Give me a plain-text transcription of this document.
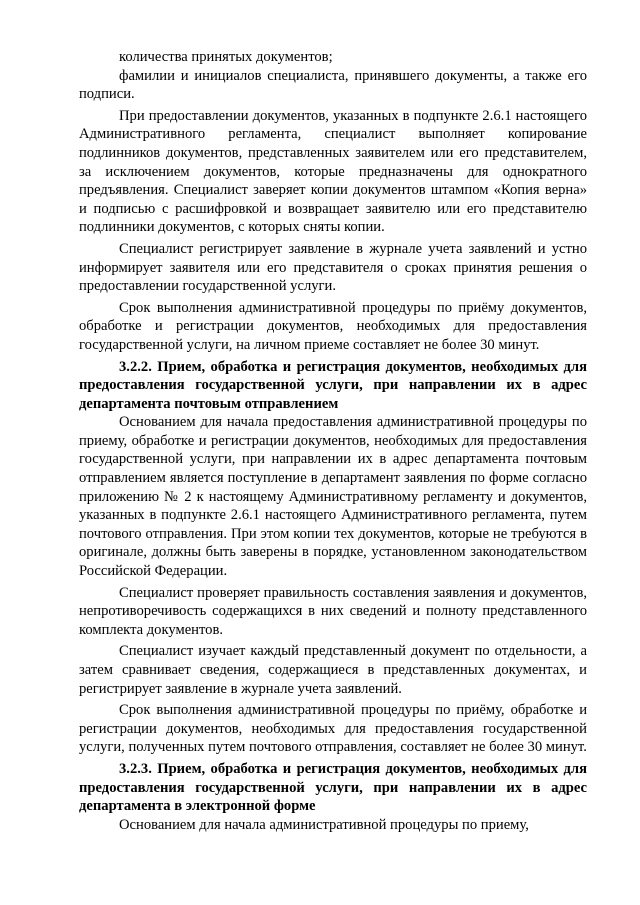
количества принятых документов;

фамилии и инициалов специалиста, принявшего документы, а также его подписи.

При предоставлении документов, указанных в подпункте 2.6.1 настоящего Административного регламента, специалист выполняет копирование подлинников документов, представленных заявителем или его представителем, за исключением документов, которые предназначены для однократного предъявления. Специалист заверяет копии документов штампом «Копия верна» и подписью с расшифровкой и возвращает заявителю или его представителю подлинники документов, с которых сняты копии.

Специалист регистрирует заявление в журнале учета заявлений и устно информирует заявителя или его представителя о сроках принятия решения о предоставлении государственной услуги.

Срок выполнения административной процедуры по приёму документов, обработке и регистрации документов, необходимых для предоставления государственной услуги, на личном приеме составляет не более 30 минут.

3.2.2. Прием, обработка и регистрация документов, необходимых для предоставления государственной услуги, при направлении их в адрес департамента почтовым отправлением

Основанием для начала предоставления административной процедуры по приему, обработке и регистрации документов, необходимых для предоставления государственной услуги, при направлении их в адрес департамента почтовым отправлением является поступление в департамент заявления по форме согласно приложению № 2 к настоящему Административному регламенту и документов, указанных в подпункте 2.6.1 настоящего Административного регламента, путем почтового отправления. При этом копии тех документов, которые не требуются в оригинале, должны быть заверены в порядке, установленном законодательством Российской Федерации.

Специалист проверяет правильность составления заявления и документов, непротиворечивость содержащихся в них сведений и полноту представленного комплекта документов.

Специалист изучает каждый представленный документ по отдельности, а затем сравнивает сведения, содержащиеся в представленных документах, и регистрирует заявление в журнале учета заявлений.

Срок выполнения административной процедуры по приёму, обработке и регистрации документов, необходимых для предоставления государственной услуги, полученных путем почтового отправления, составляет не более 30 минут.

3.2.3. Прием, обработка и регистрация документов, необходимых для предоставления государственной услуги, при направлении их в адрес департамента в электронной форме

Основанием для начала административной процедуры по приему,
